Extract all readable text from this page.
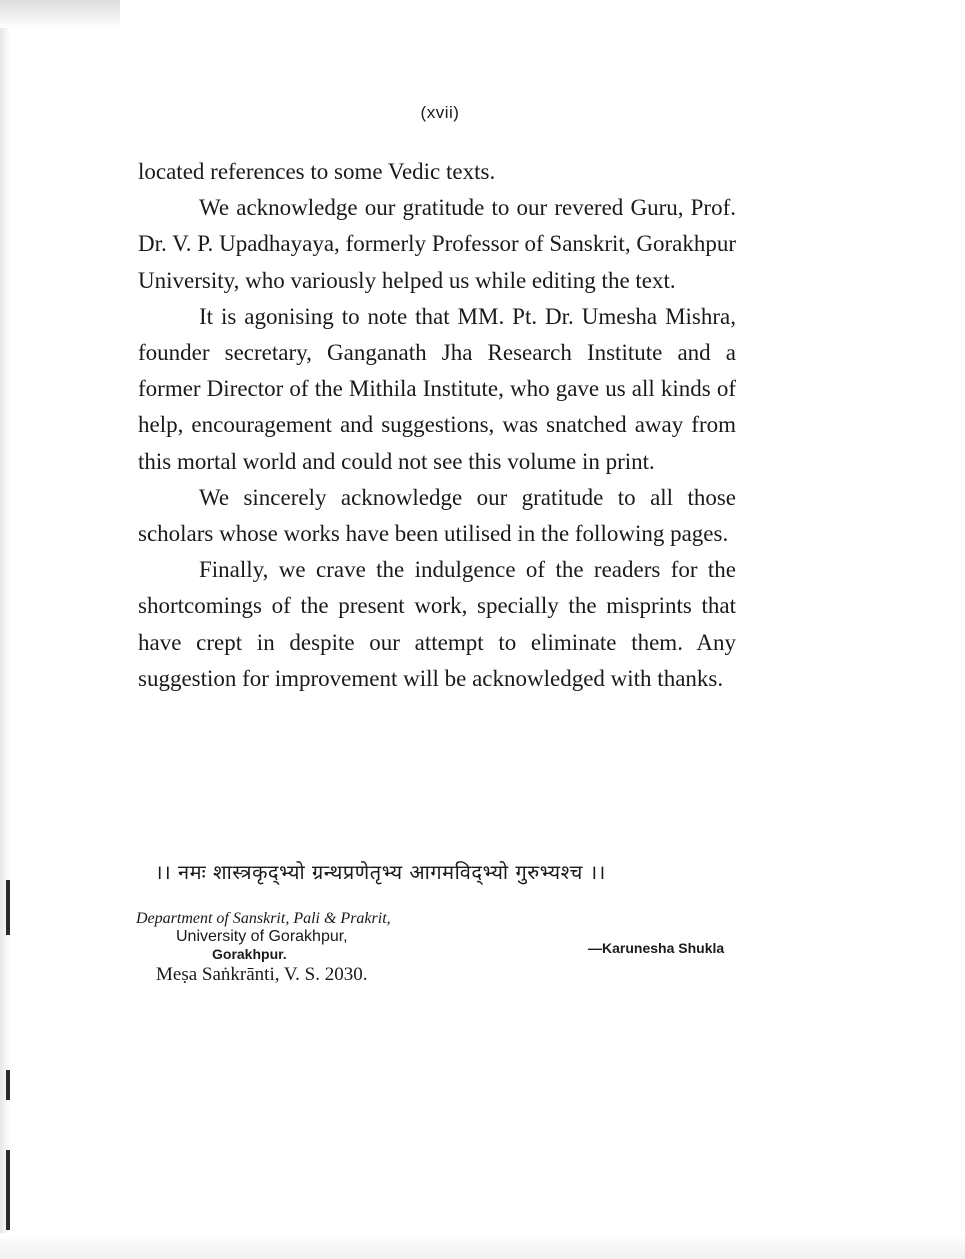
(xvii)

located references to some Vedic texts.

We acknowledge our gratitude to our revered Guru, Prof. Dr. V. P. Upadhayaya, formerly Professor of Sanskrit, Gorakhpur University, who variously helped us while editing the text.

It is agonising to note that MM. Pt. Dr. Umesha Mishra, founder secretary, Ganganath Jha Research Institute and a former Director of the Mithila Institute, who gave us all kinds of help, encouragement and suggestions, was snatched away from this mortal world and could not see this volume in print.

We sincerely acknowledge our gratitude to all those scholars whose works have been utilised in the following pages.

Finally, we crave the indulgence of the readers for the shortcomings of the present work, specially the misprints that have crept in despite our attempt to eliminate them. Any suggestion for improvement will be acknowledged with thanks.

।। नमः शास्त्रकृद्भ्यो ग्रन्थप्रणेतृभ्य आगमविद्भ्यो गुरुभ्यश्च ।।
Department of Sanskrit, Pali & Prakrit,
University of Gorakhpur,
Gorakhpur.
Meṣa Saṅkrānti, V. S. 2030.
—Karunesha Shukla
